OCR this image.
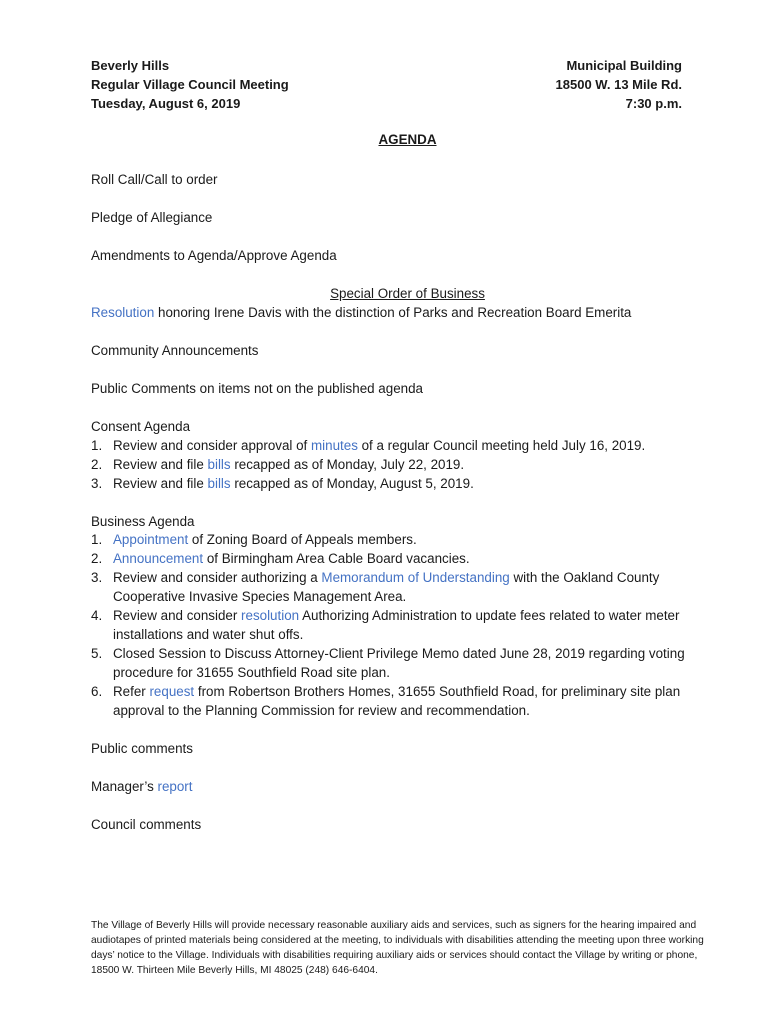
Beverly Hills
Regular Village Council Meeting
Tuesday, August 6, 2019
Municipal Building
18500 W. 13 Mile Rd.
7:30 p.m.
AGENDA
Roll Call/Call to order
Pledge of Allegiance
Amendments to Agenda/Approve Agenda
Special Order of Business
Resolution honoring Irene Davis with the distinction of Parks and Recreation Board Emerita
Community Announcements
Public Comments on items not on the published agenda
Consent Agenda
1. Review and consider approval of minutes of a regular Council meeting held July 16, 2019.
2. Review and file bills recapped as of Monday, July 22, 2019.
3. Review and file bills recapped as of Monday, August 5, 2019.
Business Agenda
1. Appointment of Zoning Board of Appeals members.
2. Announcement of Birmingham Area Cable Board vacancies.
3. Review and consider authorizing a Memorandum of Understanding with the Oakland County Cooperative Invasive Species Management Area.
4. Review and consider resolution Authorizing Administration to update fees related to water meter installations and water shut offs.
5. Closed Session to Discuss Attorney-Client Privilege Memo dated June 28, 2019 regarding voting procedure for 31655 Southfield Road site plan.
6. Refer request from Robertson Brothers Homes, 31655 Southfield Road, for preliminary site plan approval to the Planning Commission for review and recommendation.
Public comments
Manager’s report
Council comments
The Village of Beverly Hills will provide necessary reasonable auxiliary aids and services, such as signers for the hearing impaired and audiotapes of printed materials being considered at the meeting, to individuals with disabilities attending the meeting upon three working days’ notice to the Village. Individuals with disabilities requiring auxiliary aids or services should contact the Village by writing or phone, 18500 W. Thirteen Mile Beverly Hills, MI 48025 (248) 646-6404.
